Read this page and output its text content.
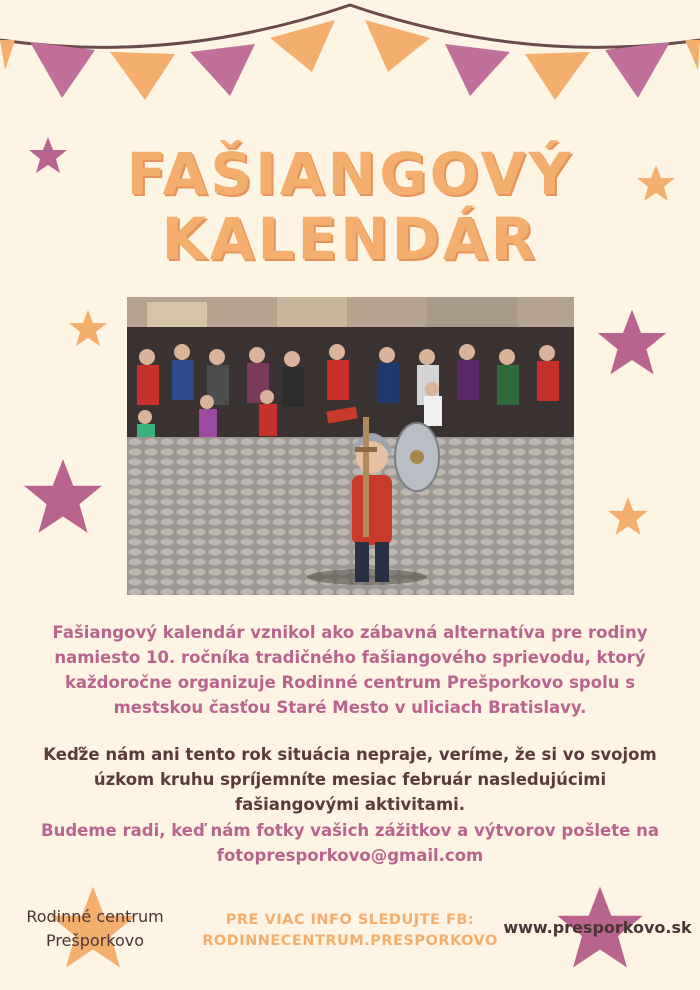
FAŠIANGOVÝ
KALENDÁR
Fašiangový kalendár vznikol ako zábavná alternatíva pre rodiny namiesto 10. ročníka tradičného fašiangového sprievodu, ktorý každoročne organizuje Rodinné centrum Prešporkovo spolu s mestskou časťou Staré Mesto v uliciach Bratislavy.
Keďže nám ani tento rok situácia nepraje, veríme, že si vo svojom úzkom kruhu spríjemníte mesiac február nasledujúcimi fašiangovými aktivitami.
Budeme radi, keď nám fotky vašich zážitkov a výtvorov pošlete na fotopresporkovo@gmail.com
Rodinné centrum
Prešporkovo
PRE VIAC INFO SLEDUJTE FB:
RODINNECENTRUM.PRESPORKOVO
www.presporkovo.sk
